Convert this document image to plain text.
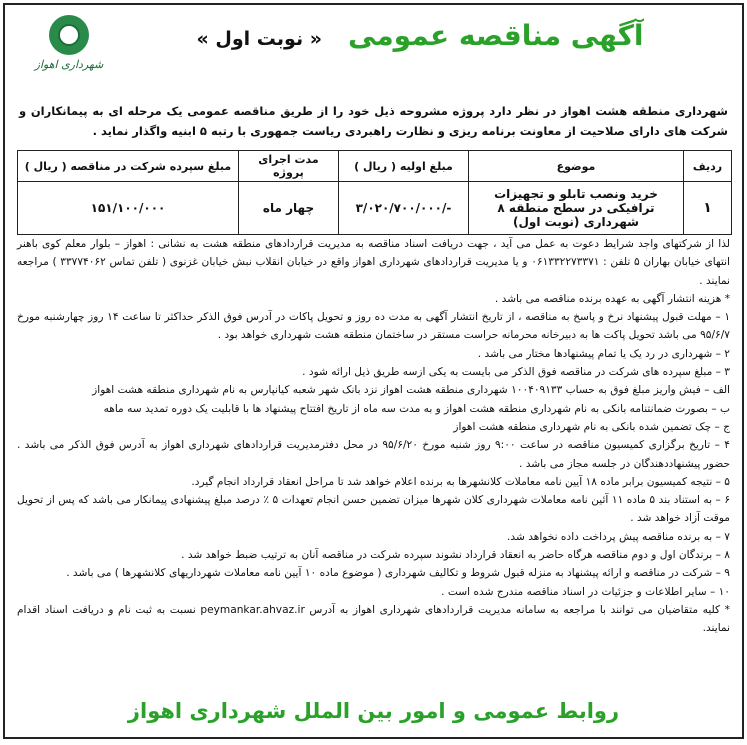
شهرداری اهواز
آگهی مناقصه عمومی
« نوبت اول »
شهرداری منطقه هشت اهواز در نظر دارد پروژه مشروحه ذیل خود را از طریق مناقصه عمومی یک مرحله ای به پیمانکاران و شرکت های دارای صلاحیت از معاونت برنامه ریزی و نظارت راهبردی ریاست جمهوری با رتبه ۵ ابنیه واگذار نماید .
ردیف	موضوع	مبلغ اولیه ( ریال )	مدت اجرای پروژه	مبلغ سپرده شرکت در مناقصه ( ریال )
۱	خرید ونصب تابلو و تجهیزات ترافیکی در سطح منطقه ۸ شهرداری (نوبت اول)	-/۳/۰۲۰/۷۰۰/۰۰۰	چهار ماه	۱۵۱/۱۰۰/۰۰۰

لذا از شرکتهای واجد شرایط دعوت به عمل می آید ، جهت دریافت اسناد مناقصه به مدیریت قراردادهای منطقه هشت به نشانی : اهواز – بلوار معلم کوی باهنر انتهای خیابان بهاران ۵ تلفن : ۰۶۱۳۳۲۲۷۳۳۷۱ و یا مدیریت قراردادهای شهرداری اهواز واقع در خیابان انقلاب نبش خیابان غزنوی ( تلفن تماس ۳۳۷۷۴۰۶۲ ) مراجعه نمایند .

* هزینه انتشار آگهی به عهده برنده مناقصه می باشد .

۱ – مهلت قبول پیشنهاد نرخ و پاسخ به مناقصه ، از تاریخ انتشار آگهی به مدت ده روز و تحویل پاکات در آدرس فوق الذکر حداکثر تا ساعت ۱۴ روز چهارشنبه مورخ ۹۵/۶/۷ می باشد تحویل پاکت ها به دبیرخانه محرمانه حراست مستقر در ساختمان منطقه هشت شهرداری خواهد بود .

۲ – شهرداری در رد یک یا تمام پیشنهادها مختار می باشد .

۳ – مبلغ سپرده های شرکت در مناقصه فوق الذکر می بایست به یکی ازسه طریق ذیل ارائه شود .

الف – فیش واریز مبلغ فوق به حساب ۱۰۰۴۰۹۱۳۳ شهرداری منطقه هشت اهواز نزد بانک شهر شعبه کیانپارس به نام شهرداری منطقه هشت اهواز

ب – بصورت ضمانتنامه بانکی به نام شهرداری منطقه هشت اهواز و به مدت سه ماه از تاریخ افتتاح پیشنهاد ها با قابلیت یک دوره تمدید سه ماهه

ج – چک تضمین شده بانکی به نام شهرداری منطقه هشت اهواز

۴ – تاریخ برگزاری کمیسیون مناقصه در ساعت ۹:۰۰ روز شنبه مورخ ۹۵/۶/۲۰ در محل دفترمدیریت قراردادهای شهرداری اهواز به آدرس فوق الذکر می باشد . حضور پیشنهاددهندگان در جلسه مجاز می باشد .

۵ – نتیجه کمیسیون برابر ماده ۱۸ آیین نامه معاملات کلانشهرها به برنده اعلام خواهد شد تا مراحل انعقاد قرارداد انجام گیرد.

۶ – به استناد بند ۵ ماده ۱۱ آئین نامه معاملات شهرداری کلان شهرها میزان تضمین حسن انجام تعهدات ۵ ٪ درصد مبلغ پیشنهادی پیمانکار می باشد که پس از تحویل موقت آزاد خواهد شد .

۷ – به برنده مناقصه پیش پرداخت داده نخواهد شد.

۸ – برندگان اول و دوم مناقصه هرگاه حاضر به انعقاد قرارداد نشوند سپرده شرکت در مناقصه آنان به ترتیب ضبط خواهد شد .

۹ – شرکت در مناقصه و ارائه پیشنهاد به منزله قبول شروط و تکالیف شهرداری ( موضوع ماده ۱۰ آیین نامه معاملات شهرداریهای کلانشهرها ) می باشد .

۱۰ – سایر اطلاعات و جزئیات در اسناد مناقصه مندرج شده است .

* کلیه متقاضیان می توانند با مراجعه به سامانه مدیریت قراردادهای شهرداری اهواز به آدرس peymankar.ahvaz.ir نسبت به ثبت نام و دریافت اسناد اقدام نمایند.

روابط عمومی و امور بین الملل شهرداری اهواز
